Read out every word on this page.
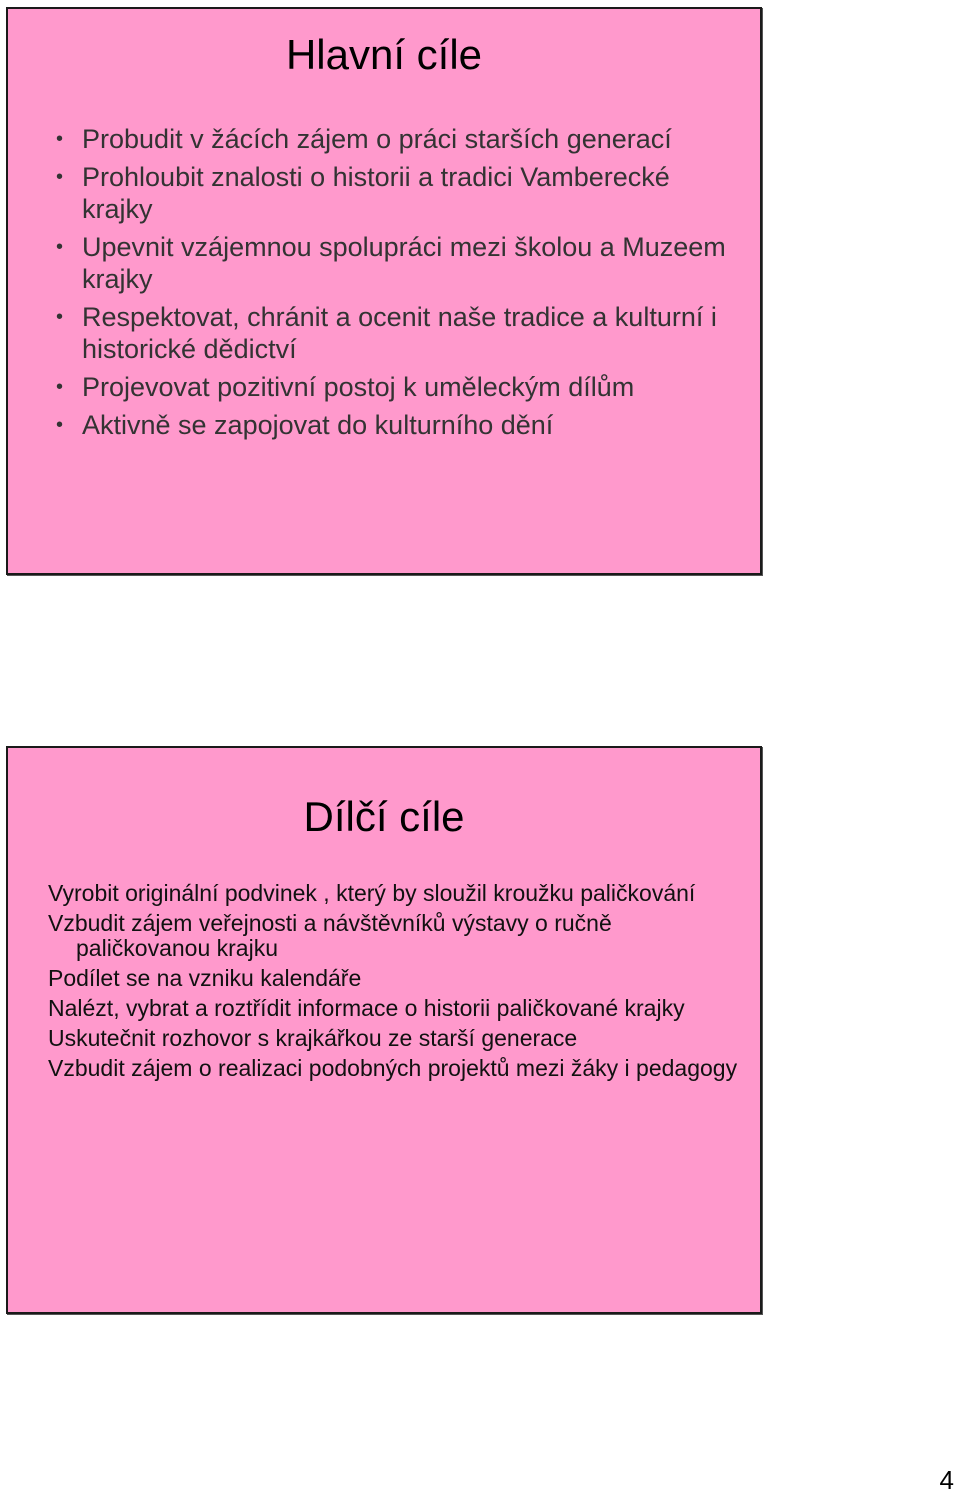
Hlavní cíle
• Probudit v žácích zájem o práci starších generací
• Prohloubit znalosti o historii a tradici Vamberecké krajky
• Upevnit vzájemnou spolupráci mezi školou a Muzeem krajky
• Respektovat, chránit a ocenit naše tradice a kulturní i historické dědictví
• Projevovat pozitivní postoj k uměleckým dílům
• Aktivně se zapojovat do kulturního dění
Dílčí cíle
Vyrobit originální podvinek , který by sloužil kroužku paličkování
Vzbudit zájem veřejnosti a návštěvníků výstavy o ručně paličkovanou krajku
Podílet se na vzniku kalendáře
Nalézt, vybrat a roztřídit informace o historii paličkované krajky
Uskutečnit rozhovor s krajkářkou ze starší generace
Vzbudit zájem o realizaci podobných projektů mezi žáky i pedagogy
4
